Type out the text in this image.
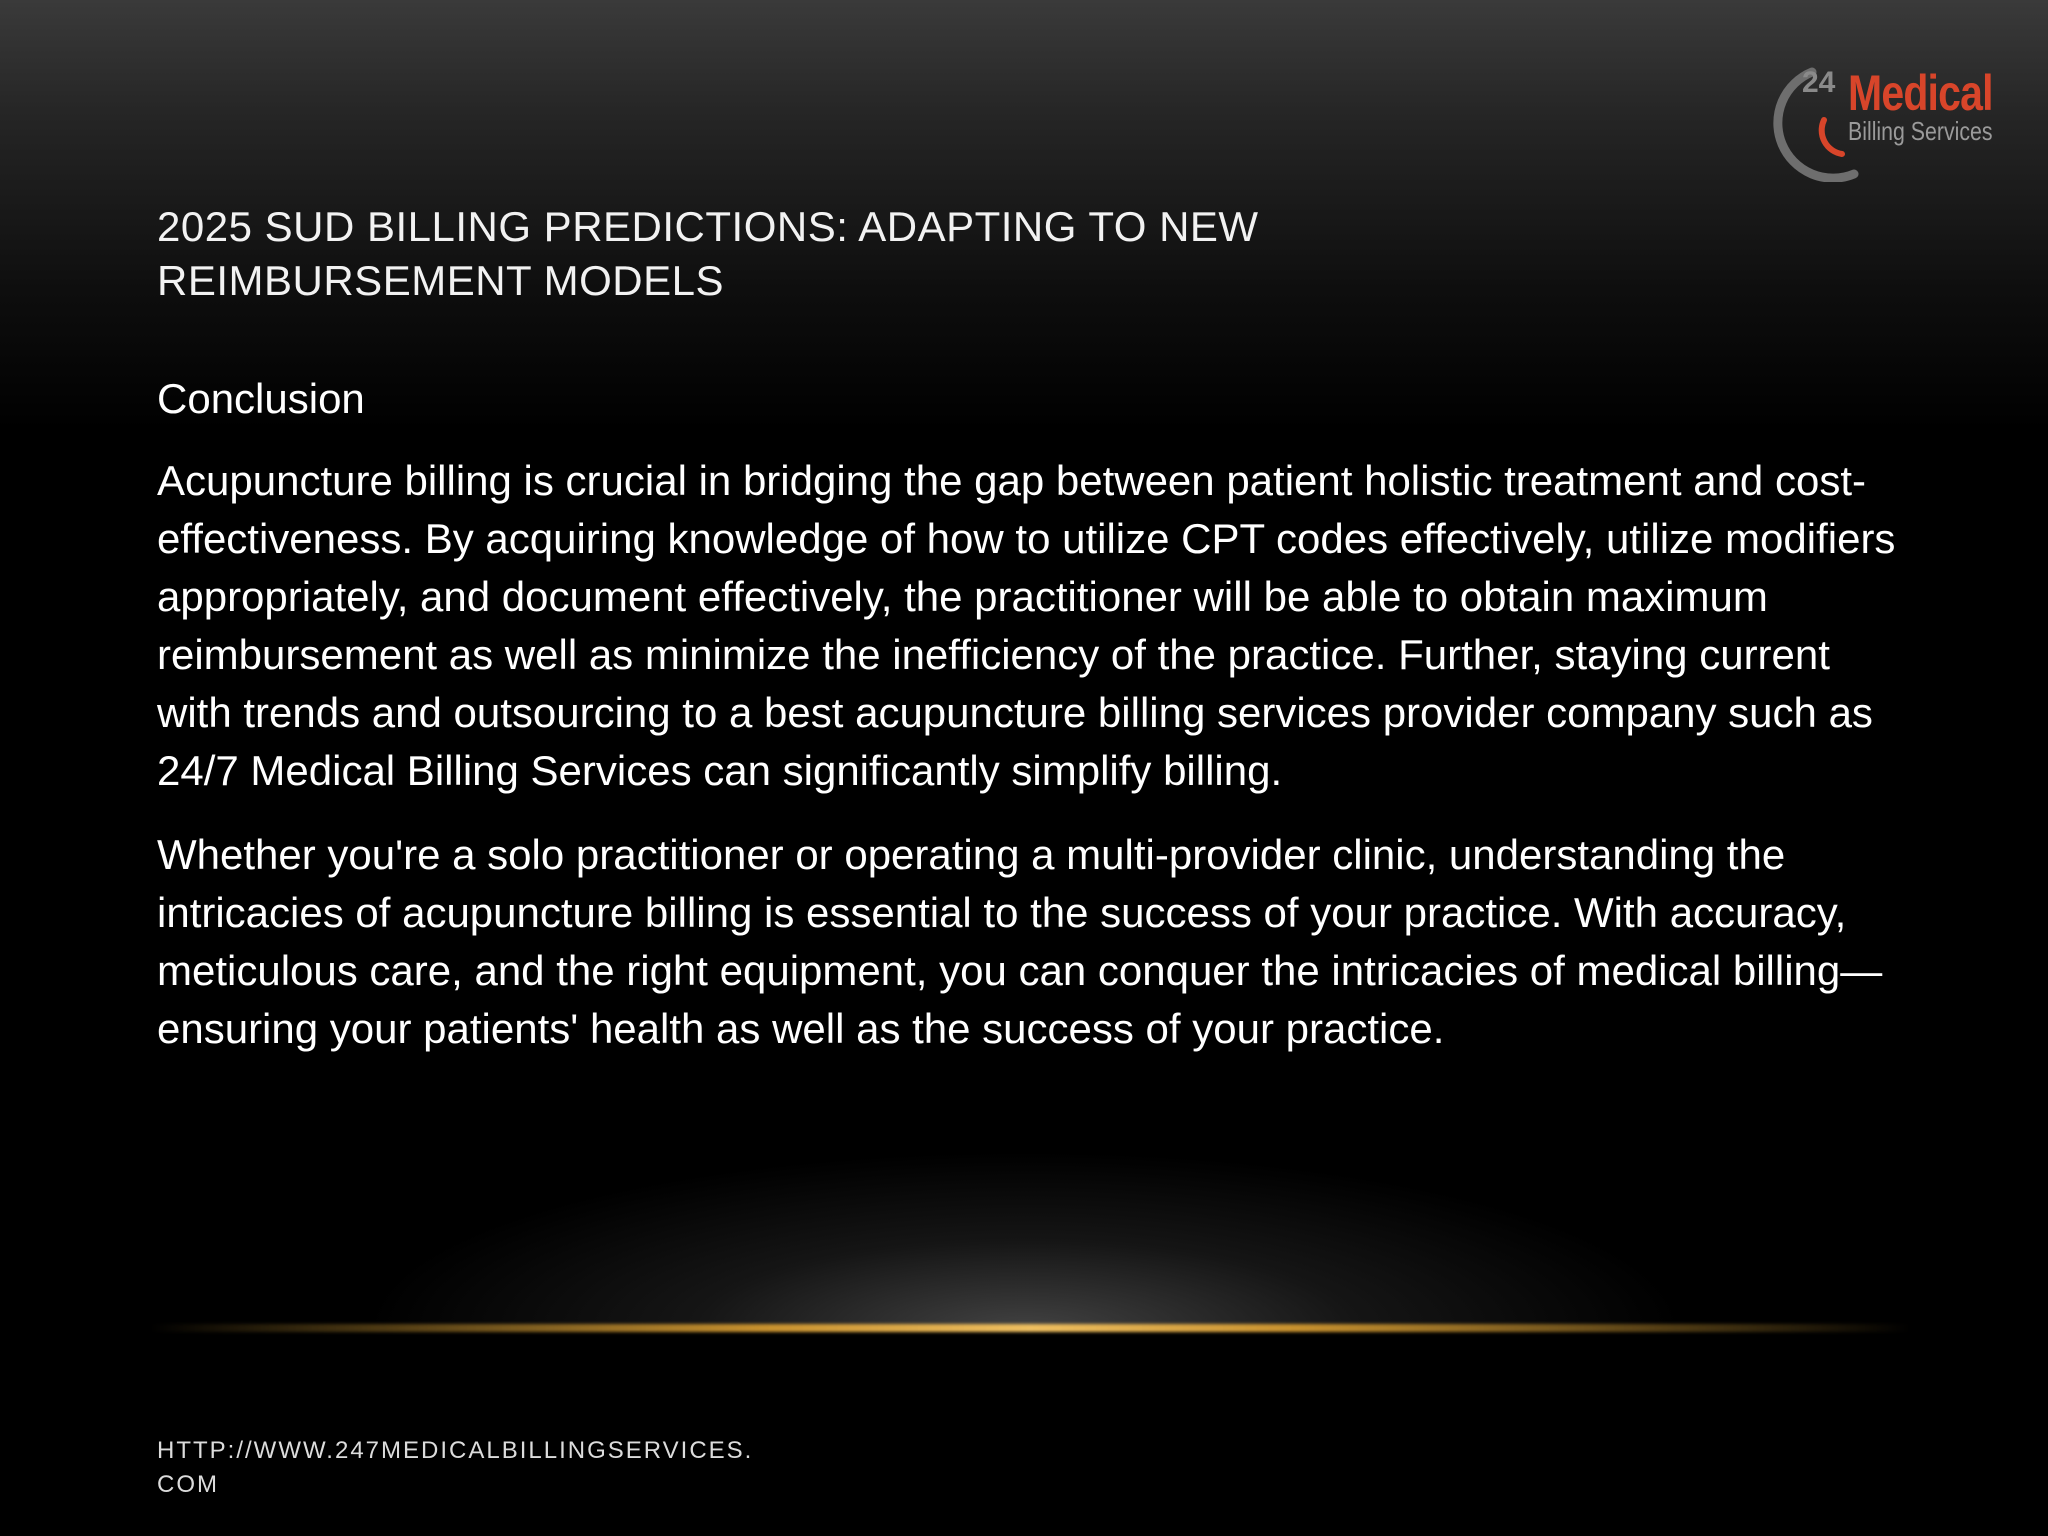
24 Medical
Billing Services
2025 SUD BILLING PREDICTIONS: ADAPTING TO NEW REIMBURSEMENT MODELS

Conclusion

Acupuncture billing is crucial in bridging the gap between patient holistic treatment and cost-effectiveness. By acquiring knowledge of how to utilize CPT codes effectively, utilize modifiers appropriately, and document effectively, the practitioner will be able to obtain maximum reimbursement as well as minimize the inefficiency of the practice. Further, staying current with trends and outsourcing to a best acupuncture billing services provider company such as 24/7 Medical Billing Services can significantly simplify billing.

Whether you're a solo practitioner or operating a multi-provider clinic, understanding the intricacies of acupuncture billing is essential to the success of your practice. With accuracy, meticulous care, and the right equipment, you can conquer the intricacies of medical billing—ensuring your patients' health as well as the success of your practice.

HTTP://WWW.247MEDICALBILLINGSERVICES.COM
